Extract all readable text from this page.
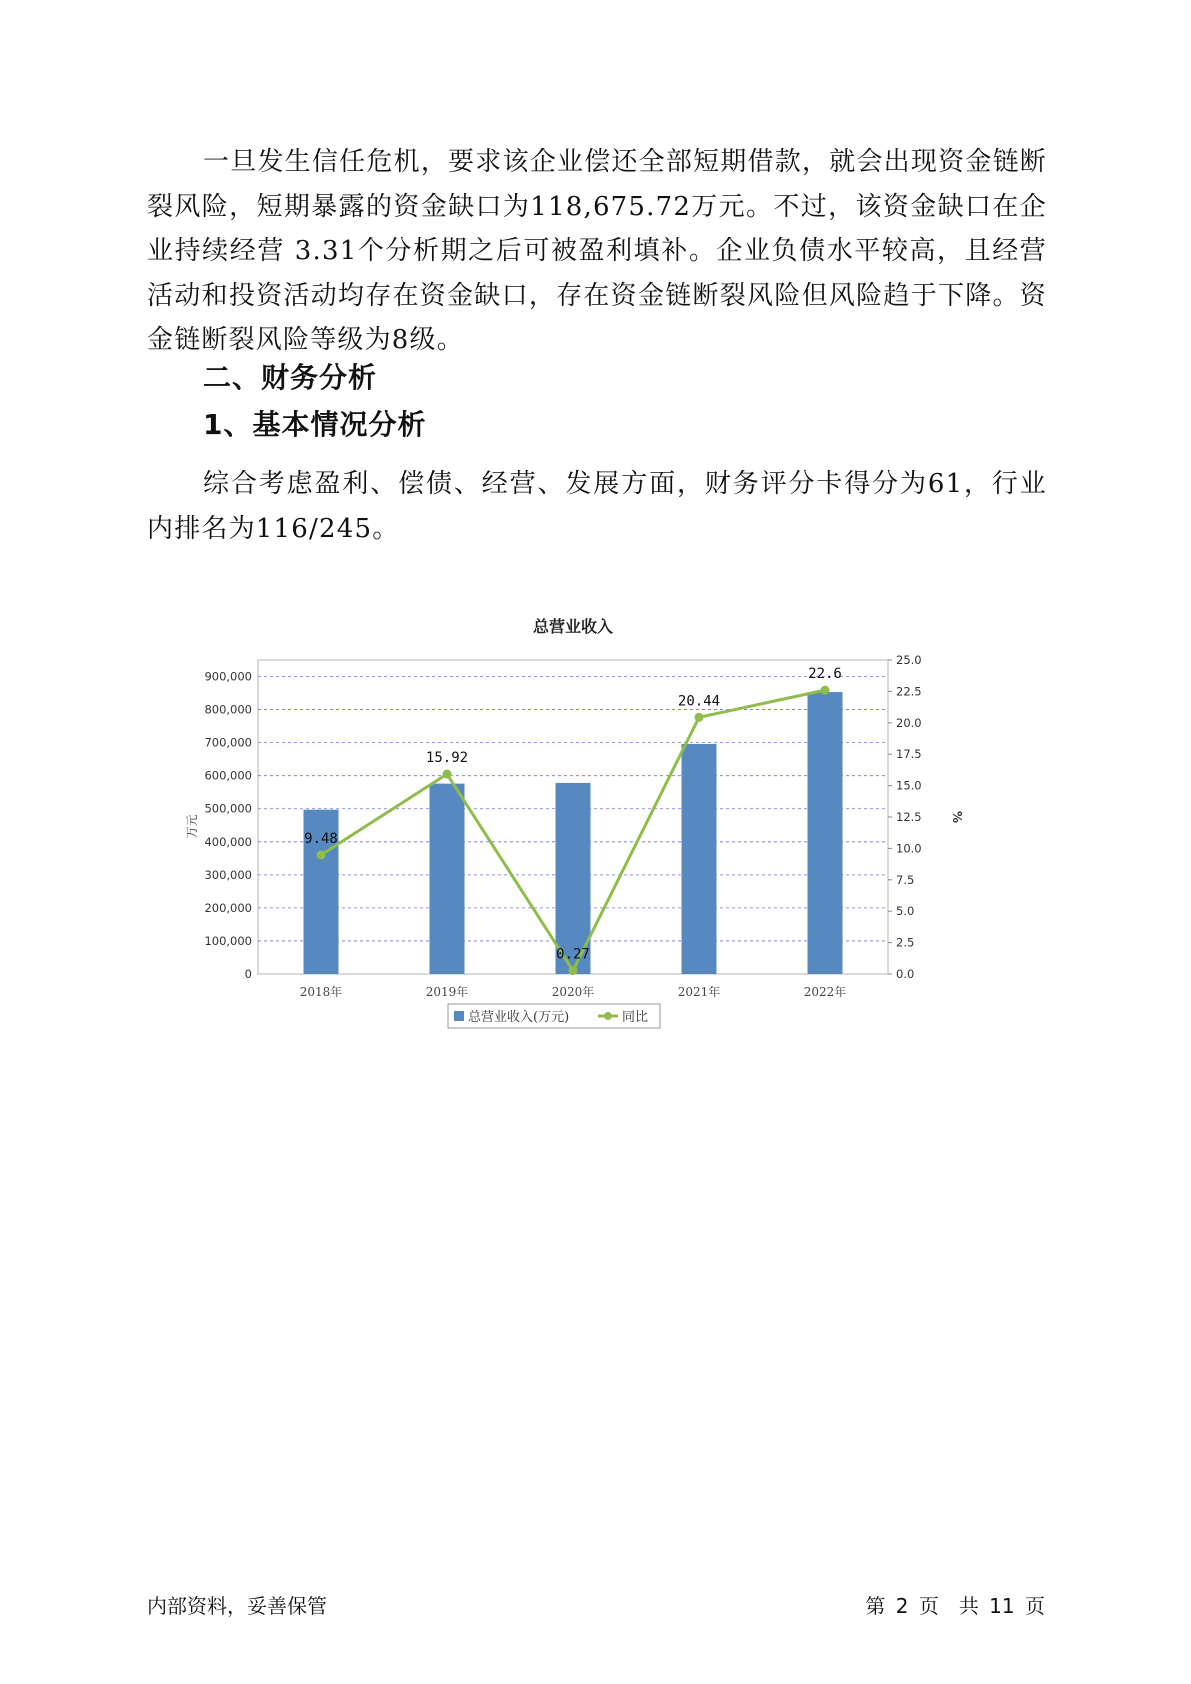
一旦发生信任危机，要求该企业偿还全部短期借款，就会出现资金链断裂风险，短期暴露的资金缺口为118,675.72万元。不过，该资金缺口在企业持续经营 3.31个分析期之后可被盈利填补。企业负债水平较高，且经营活动和投资活动均存在资金缺口，存在资金链断裂风险但风险趋于下降。资金链断裂风险等级为8级。

二、财务分析
1、基本情况分析

综合考虑盈利、偿债、经营、发展方面，财务评分卡得分为61，行业内排名为116/245。

总营业收入
0
100,000
200,000
300,000
400,000
500,000
600,000
700,000
800,000
900,000
0.0
2.5
5.0
7.5
10.0
12.5
15.0
17.5
20.0
22.5
25.0
万元	%
2018年	2019年	2020年	2021年	2022年
9.48
15.92
0.27
20.44
22.6
总营业收入(万元)	同比
内部资料，妥善保管	第 2 页　共 11 页
